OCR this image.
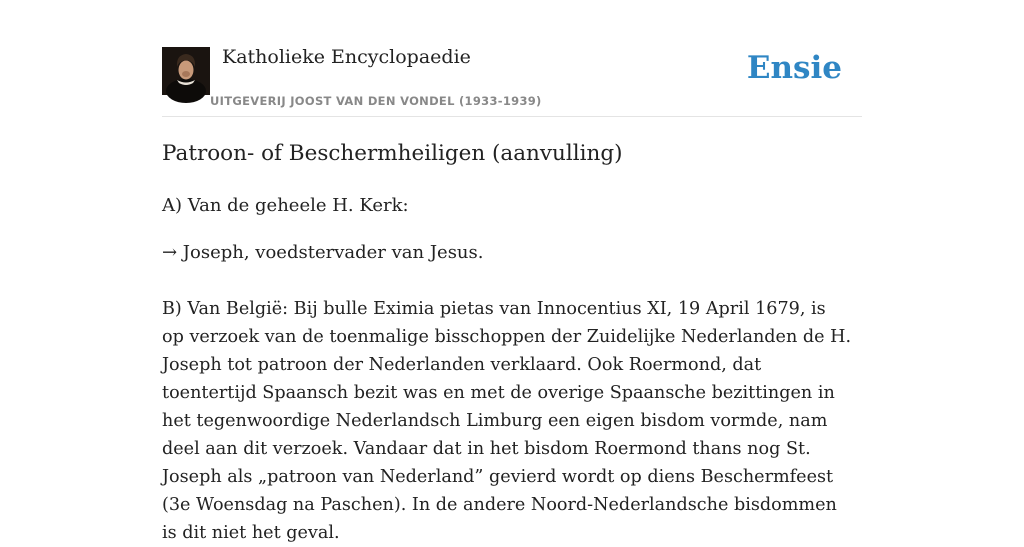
Katholieke Encyclopaedie
UITGEVERIJ JOOST VAN DEN VONDEL (1933-1939)
Ensie
Patroon- of Beschermheiligen (aanvulling)

A) Van de geheele H. Kerk:

→ Joseph, voedstervader van Jesus.

B) Van België: Bij bulle Eximia pietas van Innocentius XI, 19 April 1679, is op verzoek van de toenmalige bisschoppen der Zuidelijke Nederlanden de H. Joseph tot patroon der Nederlanden verklaard. Ook Roermond, dat toentertijd Spaansch bezit was en met de overige Spaansche bezittingen in het tegenwoordige Nederlandsch Limburg een eigen bisdom vormde, nam deel aan dit verzoek. Vandaar dat in het bisdom Roermond thans nog St. Joseph als „patroon van Nederland” gevierd wordt op diens Beschermfeest (3e Woensdag na Paschen). In de andere Noord-Nederlandsche bisdommen is dit niet het geval.
